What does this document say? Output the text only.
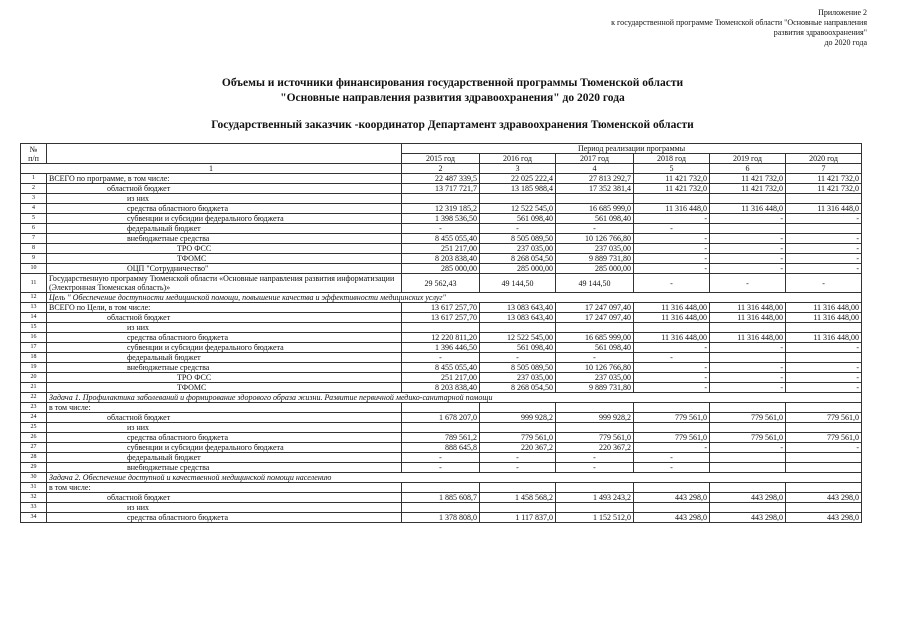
Приложение 2
к государственной программе Тюменской области "Основные направления
развития здравоохранения"
до 2020 года
Объемы и источники финансирования государственной программы Тюменской области
"Основные направления развития здравоохранения" до 2020 года
Государственный заказчик -координатор Департамент здравоохранения Тюменской области
№
п/п		Период реализации программы					
		2015 год	2016 год	2017 год	2018 год	2019 год	2020 год
1		2	3	4	5	6	7
1	ВСЕГО по программе, в том числе:	22 487 339,5	22 025 222,4	27 813 292,7	11 421 732,0	11 421 732,0	11 421 732,0
2	областной бюджет	13 717 721,7	13 185 988,4	17 352 381,4	11 421 732,0	11 421 732,0	11 421 732,0
3	из них						
4	средства областного бюджета	12 319 185,2	12 522 545,0	16 685 999,0	11 316 448,0	11 316 448,0	11 316 448,0
5	субвенции и субсидии федерального бюджета	1 398 536,50	561 098,40	561 098,40	-	-	-
6	федеральный бюджет	-	-	-	-		
7	внебюджетные средства	8 455 055,40	8 505 089,50	10 126 766,80	-	-	-
8	ТРО ФСС	251 217,00	237 035,00	237 035,00	-	-	-
9	ТФОМС	8 203 838,40	8 268 054,50	9 889 731,80	-	-	-
10	ОЦП "Сотрудничество"	285 000,00	285 000,00	285 000,00	-	-	-
11	Государственную программу Тюменской области «Основные направления развития информатизации (Электронная Тюменская область)»	29 562,43	49 144,50	49 144,50	-	-	-
12	Цель " Обеспечение доступности медицинской помощи, повышение качества и эффективности медицинских услуг"						
13	ВСЕГО по Цели, в том числе:	13 617 257,70	13 083 643,40	17 247 097,40	11 316 448,00	11 316 448,00	11 316 448,00
14	областной бюджет	13 617 257,70	13 083 643,40	17 247 097,40	11 316 448,00	11 316 448,00	11 316 448,00
15	из них						
16	средства областного бюджета	12 220 811,20	12 522 545,00	16 685 999,00	11 316 448,00	11 316 448,00	11 316 448,00
17	субвенции и субсидии федерального бюджета	1 396 446,50	561 098,40	561 098,40	-	-	-
18	федеральный бюджет	-	-	-	-		
19	внебюджетные средства	8 455 055,40	8 505 089,50	10 126 766,80	-	-	-
20	ТРО ФСС	251 217,00	237 035,00	237 035,00	-	-	-
21	ТФОМС	8 203 838,40	8 268 054,50	9 889 731,80	-	-	-
22	Задача 1. Профилактика заболеваний и формирование здорового образа жизни. Развитие первичной медико-санитарной помощи						
23	в том числе:						
24	областной бюджет	1 678 207,0	999 928,2	999 928,2	779 561,0	779 561,0	779 561,0
25	из них						
26	средства областного бюджета	789 561,2	779 561,0	779 561,0	779 561,0	779 561,0	779 561,0
27	субвенции и субсидии федерального бюджета	888 645,8	220 367,2	220 367,2	-	-	-
28	федеральный бюджет	-	-	-	-		
29	внебюджетные средства	-	-	-	-		
30	Задача 2. Обеспечение доступной и качественной медицинской помощи населению						
31	в том числе:						
32	областной бюджет	1 885 608,7	1 458 568,2	1 493 243,2	443 298,0	443 298,0	443 298,0
33	из них						
34	средства областного бюджета	1 378 808,0	1 117 837,0	1 152 512,0	443 298,0	443 298,0	443 298,0
